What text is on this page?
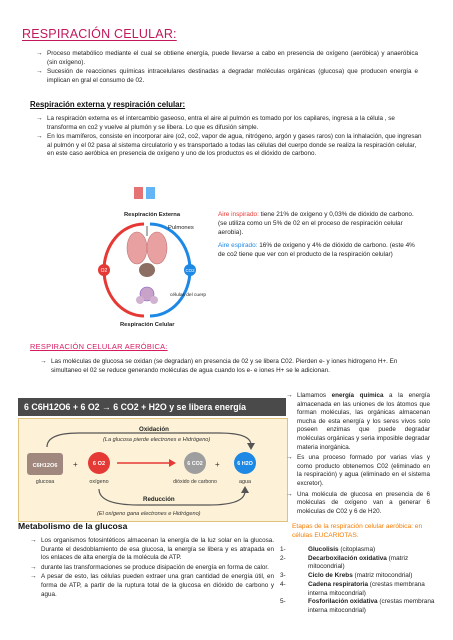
RESPIRACIÓN CELULAR:
→ Proceso metabólico mediante el cual se obtiene energía, puede llevarse a cabo en presencia de oxígeno (aeróbica) y anaeróbica (sin oxígeno).
→ Sucesión de reacciones químicas intracelulares destinadas a degradar moléculas orgánicas (glucosa) que producen energía e implican en gral el consumo de 02.
Respiración externa y respiración celular:
→ La respiración externa es el intercambio gaseoso, entra el aire al pulmón es tomado por los capilares, ingresa a la célula , se transforma en co2 y vuelve al plumón y se libera. Lo que es difusión simple.
→ En los mamíferos, consiste en incorporar aire (o2, co2, vapor de agua, nitrógeno, argón y gases raros) con la inhalación, que ingresan al pulmón y el 02 pasa al sistema circulatorio y es transportado a todas las células del cuerpo donde se realiza la respiración celular, en este caso aeróbica en presencia de oxígeno y uno de los productos es el dióxido de carbono.
Respiración Externa
Pulmones
células del cuerpo
O2	CO2
Respiración Celular
Aire inspirado: tiene 21% de oxígeno y 0,03% de dióxido de carbono. (se utiliza como un 5% de 02 en el proceso de respiración celular aerobia).
Aire espirado: 16% de oxígeno y 4% de dióxido de carbono. (este 4% de co2 tiene que ver con el producto de la respiración celular)
RESPIRACIÓN CELULAR AERÓBICA:
→ Las moléculas de glucosa se oxidan (se degradan) en presencia de 02 y se libera C02. Pierden e- y iones hidrogeno H+. En simultaneo el 02 se reduce generando moléculas de agua cuando los e- e iones H+ se le adicionan.
6 C6H12O6 + 6 O2 → 6 CO2 + H2O y se libera energía
Oxidación
(La glucosa pierde electrones e Hidrógeno)
C6H12O6
glucosa
+	6 O2
oxígeno
6 CO2
dióxido de carbono
+	6 H2O
agua
Reducción
(El oxígeno gana electrones e Hidrógeno)
→ Llamamos energía química a la energía almacenada en las uniones de los átomos que forman moléculas, las orgánicas almacenan mucha de esta energía y los seres vivos solo poseen enzimas que puede degradar moléculas orgánicas y seria imposible degradar materia inorgánica.
→ Es una proceso formado por varias vías y como producto obtenemos C02 (eliminado en la respiración) y agua (eliminado en el sistema excretor).
→ Una molécula de glucosa en presencia de 6 moléculas de oxígeno van a generar 6 moléculas de C02 y 6 de H20.
Metabolismo de la glucosa
→ Los organismos fotosintéticos almacenan la energía de la luz solar en la glucosa. Durante el desdoblamiento de esa glucosa, la energía se libera y es atrapada en los enlaces de alta energía de la molécula de ATP.
→ durante las transformaciones se produce disipación de energía en forma de calor.
→ A pesar de esto, las células pueden extraer una gran cantidad de energía útil, en forma de ATP, a partir de la ruptura total de la glucosa en dióxido de carbono y agua.
Etapas de la respiración celular aeróbica: en células EUCARIOTAS.
1-	Glucolisis (citoplasma)
2-	Decarboxilación oxidativa (matriz mitocondrial)
3-	Ciclo de Krebs (matriz mitocondrial)
4-	Cadena respiratoria (crestas membrana interna mitocondrial)
5-	Fosforilación oxidativa (crestas membrana interna mitocondrial)
